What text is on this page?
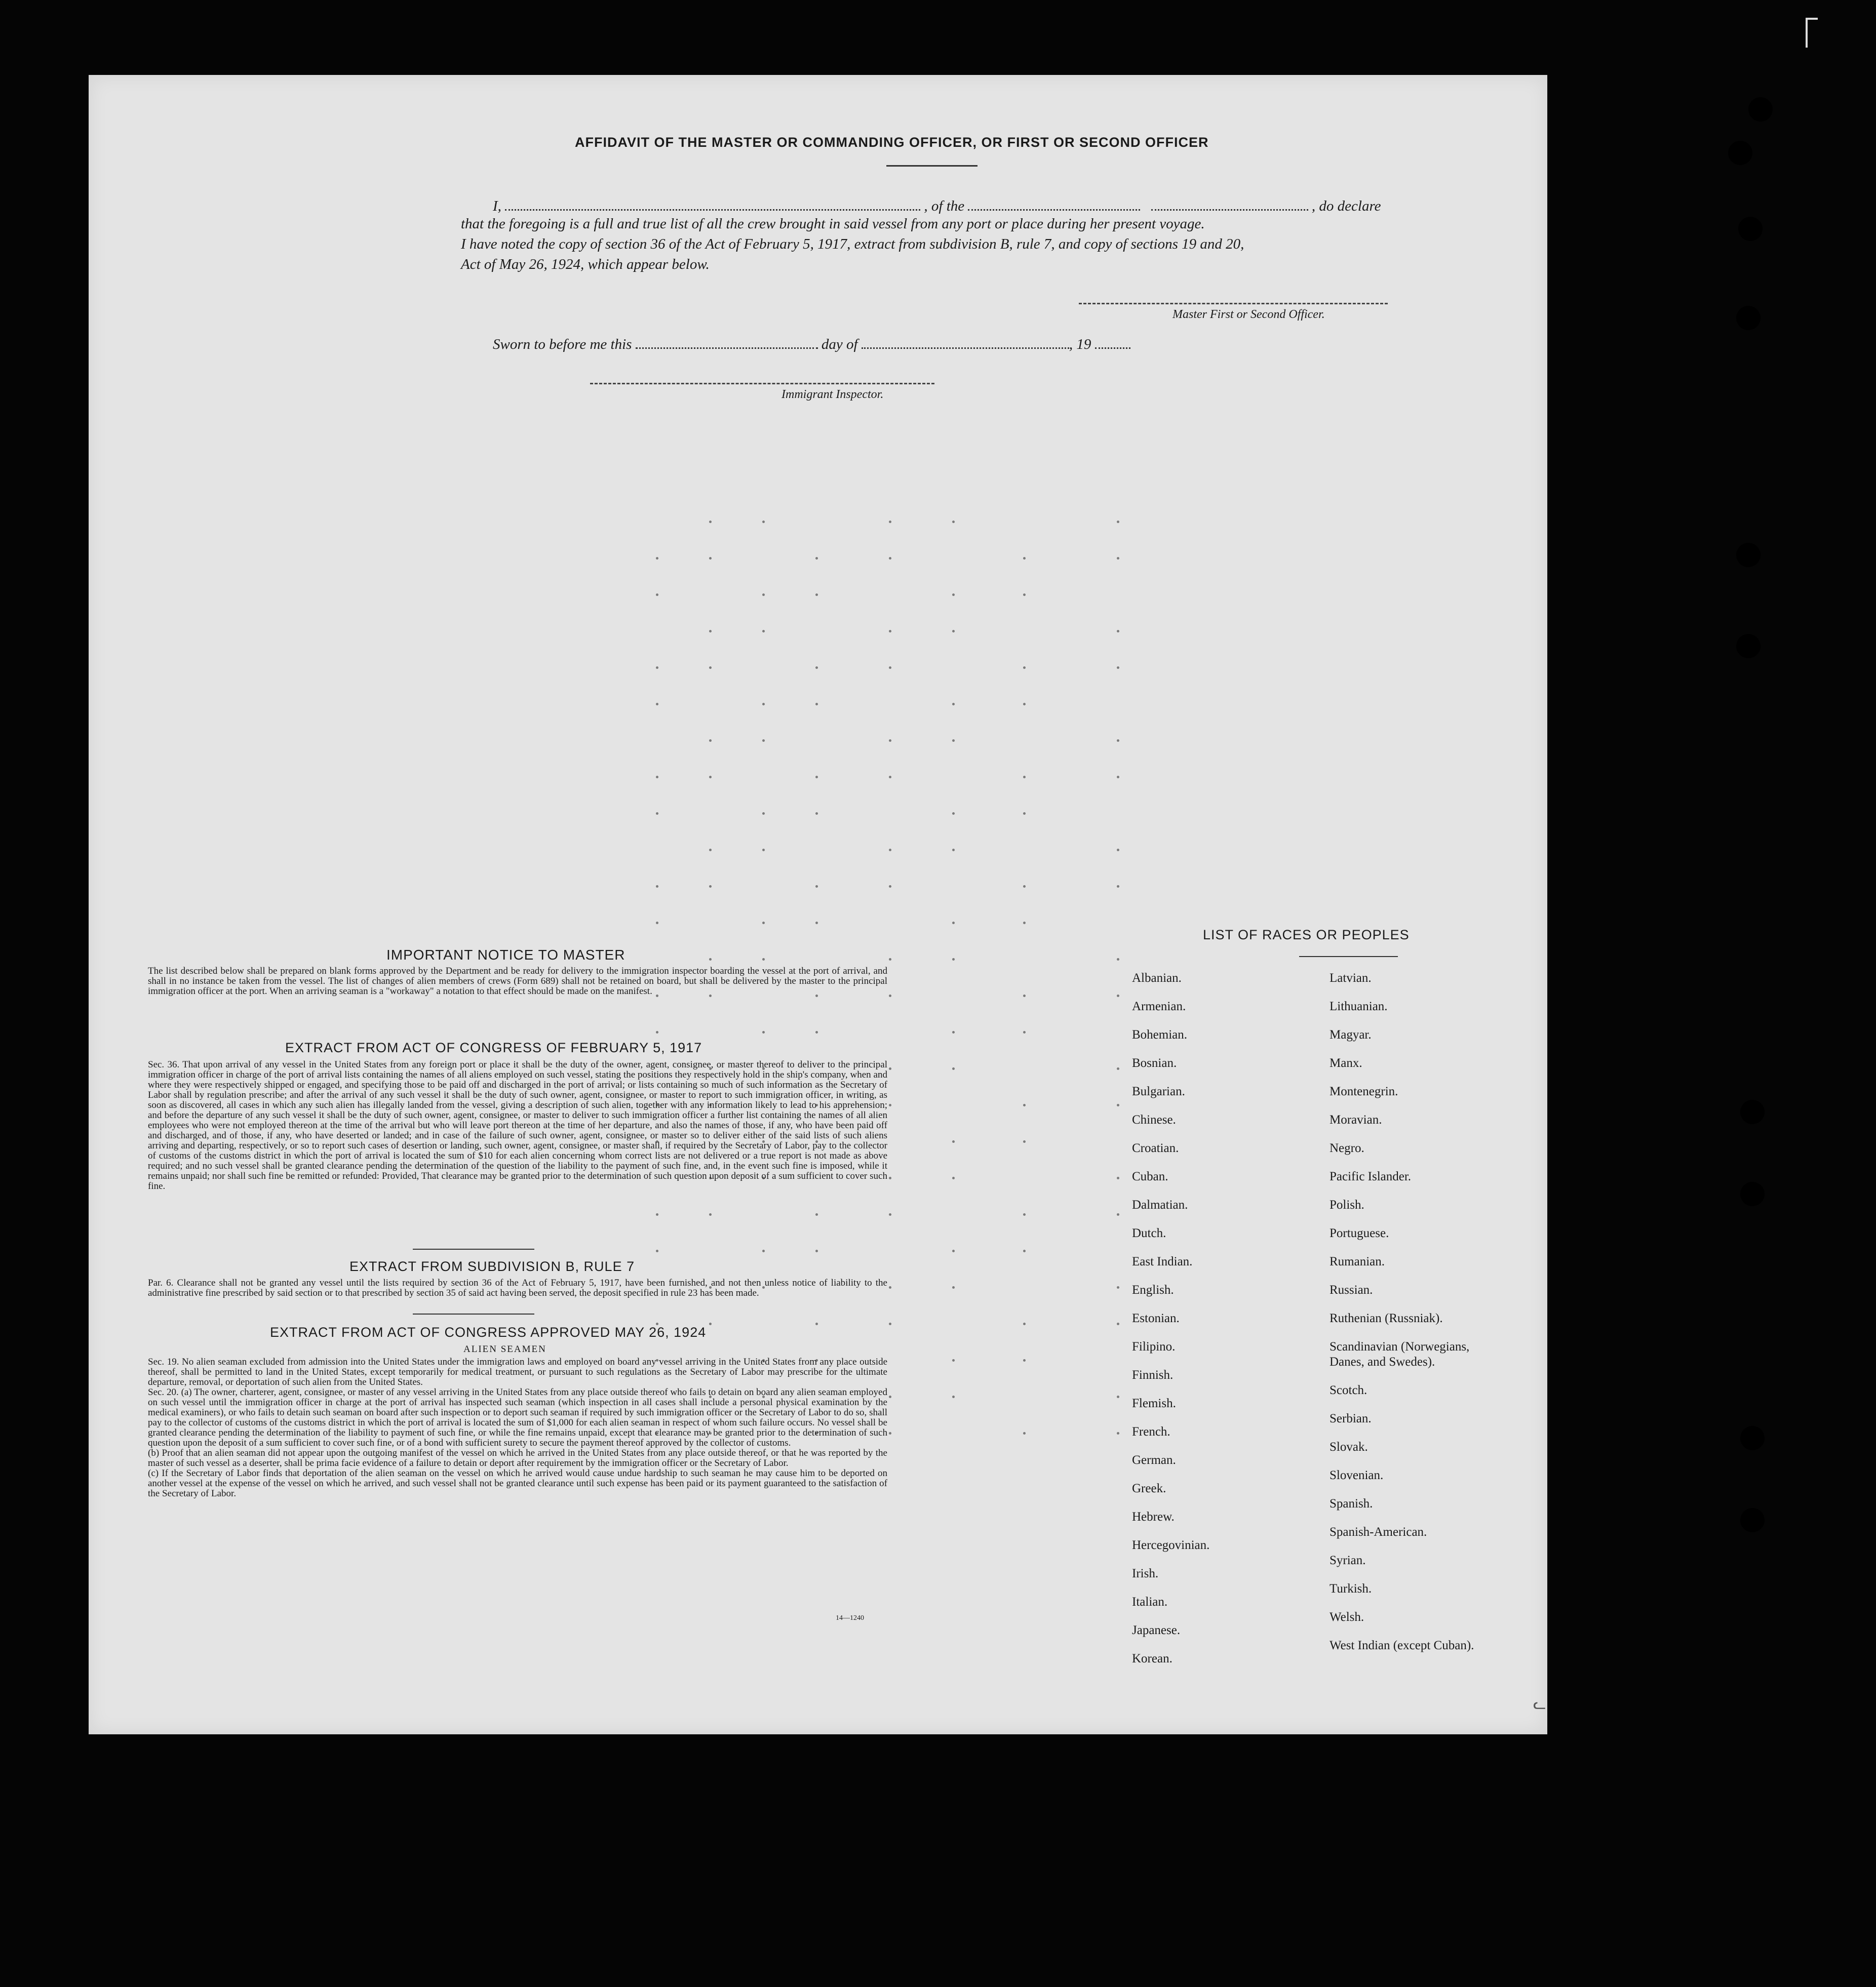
AFFIDAVIT OF THE MASTER OR COMMANDING OFFICER, OR FIRST OR SECOND OFFICER
I,	, of the	, do declare
that the foregoing is a full and true list of all the crew brought in said vessel from any port or place during her present voyage.
I have noted the copy of section 36 of the Act of February 5, 1917, extract from subdivision B, rule 7, and copy of sections 19 and 20,
Act of May 26, 1924, which appear below.
Master First or Second Officer.
Sworn to before me this	day of	, 19
Immigrant Inspector.
IMPORTANT NOTICE TO MASTER
The list described below shall be prepared on blank forms approved by the Department and be ready for delivery to the immigration inspector boarding the vessel at the port of arrival, and shall in no instance be taken from the vessel. The list of changes of alien members of crews (Form 689) shall not be retained on board, but shall be delivered by the master to the principal immigration officer at the port. When an arriving seaman is a "workaway" a notation to that effect should be made on the manifest.
EXTRACT FROM ACT OF CONGRESS OF FEBRUARY 5, 1917
Sec. 36. That upon arrival of any vessel in the United States from any foreign port or place it shall be the duty of the owner, agent, consignee, or master thereof to deliver to the principal immigration officer in charge of the port of arrival lists containing the names of all aliens employed on such vessel, stating the positions they respectively hold in the ship's company, when and where they were respectively shipped or engaged, and specifying those to be paid off and discharged in the port of arrival; or lists containing so much of such information as the Secretary of Labor shall by regulation prescribe; and after the arrival of any such vessel it shall be the duty of such owner, agent, consignee, or master to report to such immigration officer, in writing, as soon as discovered, all cases in which any such alien has illegally landed from the vessel, giving a description of such alien, together with any information likely to lead to his apprehension; and before the departure of any such vessel it shall be the duty of such owner, agent, consignee, or master to deliver to such immigration officer a further list containing the names of all alien employees who were not employed thereon at the time of the arrival but who will leave port thereon at the time of her departure, and also the names of those, if any, who have been paid off and discharged, and of those, if any, who have deserted or landed; and in case of the failure of such owner, agent, consignee, or master so to deliver either of the said lists of such aliens arriving and departing, respectively, or so to report such cases of desertion or landing, such owner, agent, consignee, or master shall, if required by the Secretary of Labor, pay to the collector of customs of the customs district in which the port of arrival is located the sum of $10 for each alien concerning whom correct lists are not delivered or a true report is not made as above required; and no such vessel shall be granted clearance pending the determination of the question of the liability to the payment of such fine, and, in the event such fine is imposed, while it remains unpaid; nor shall such fine be remitted or refunded: Provided, That clearance may be granted prior to the determination of such question upon deposit of a sum sufficient to cover such fine.
EXTRACT FROM SUBDIVISION B, RULE 7
Par. 6. Clearance shall not be granted any vessel until the lists required by section 36 of the Act of February 5, 1917, have been furnished, and not then unless notice of liability to the administrative fine prescribed by said section or to that prescribed by section 35 of said act having been served, the deposit specified in rule 23 has been made.
EXTRACT FROM ACT OF CONGRESS APPROVED MAY 26, 1924
ALIEN SEAMEN
Sec. 19. No alien seaman excluded from admission into the United States under the immigration laws and employed on board any vessel arriving in the United States from any place outside thereof, shall be permitted to land in the United States, except temporarily for medical treatment, or pursuant to such regulations as the Secretary of Labor may prescribe for the ultimate departure, removal, or deportation of such alien from the United States.
Sec. 20. (a) The owner, charterer, agent, consignee, or master of any vessel arriving in the United States from any place outside thereof who fails to detain on board any alien seaman employed on such vessel until the immigration officer in charge at the port of arrival has inspected such seaman (which inspection in all cases shall include a personal physical examination by the medical examiners), or who fails to detain such seaman on board after such inspection or to deport such seaman if required by such immigration officer or the Secretary of Labor to do so, shall pay to the collector of customs of the customs district in which the port of arrival is located the sum of $1,000 for each alien seaman in respect of whom such failure occurs. No vessel shall be granted clearance pending the determination of the liability to payment of such fine, or while the fine remains unpaid, except that clearance may be granted prior to the determination of such question upon the deposit of a sum sufficient to cover such fine, or of a bond with sufficient surety to secure the payment thereof approved by the collector of customs.
(b) Proof that an alien seaman did not appear upon the outgoing manifest of the vessel on which he arrived in the United States from any place outside thereof, or that he was reported by the master of such vessel as a deserter, shall be prima facie evidence of a failure to detain or deport after requirement by the immigration officer or the Secretary of Labor.
(c) If the Secretary of Labor finds that deportation of the alien seaman on the vessel on which he arrived would cause undue hardship to such seaman he may cause him to be deported on another vessel at the expense of the vessel on which he arrived, and such vessel shall not be granted clearance until such expense has been paid or its payment guaranteed to the satisfaction of the Secretary of Labor.
14—1240
LIST OF RACES OR PEOPLES
Albanian.
Armenian.
Bohemian.
Bosnian.
Bulgarian.
Chinese.
Croatian.
Cuban.
Dalmatian.
Dutch.
East Indian.
English.
Estonian.
Filipino.
Finnish.
Flemish.
French.
German.
Greek.
Hebrew.
Hercegovinian.
Irish.
Italian.
Japanese.
Korean.
Latvian.
Lithuanian.
Magyar.
Manx.
Montenegrin.
Moravian.
Negro.
Pacific Islander.
Polish.
Portuguese.
Rumanian.
Russian.
Ruthenian (Russniak).
Scandinavian (Norwegians,
Danes, and Swedes).
Scotch.
Serbian.
Slovak.
Slovenian.
Spanish.
Spanish-American.
Syrian.
Turkish.
Welsh.
West Indian (except Cuban).
ᓚ
